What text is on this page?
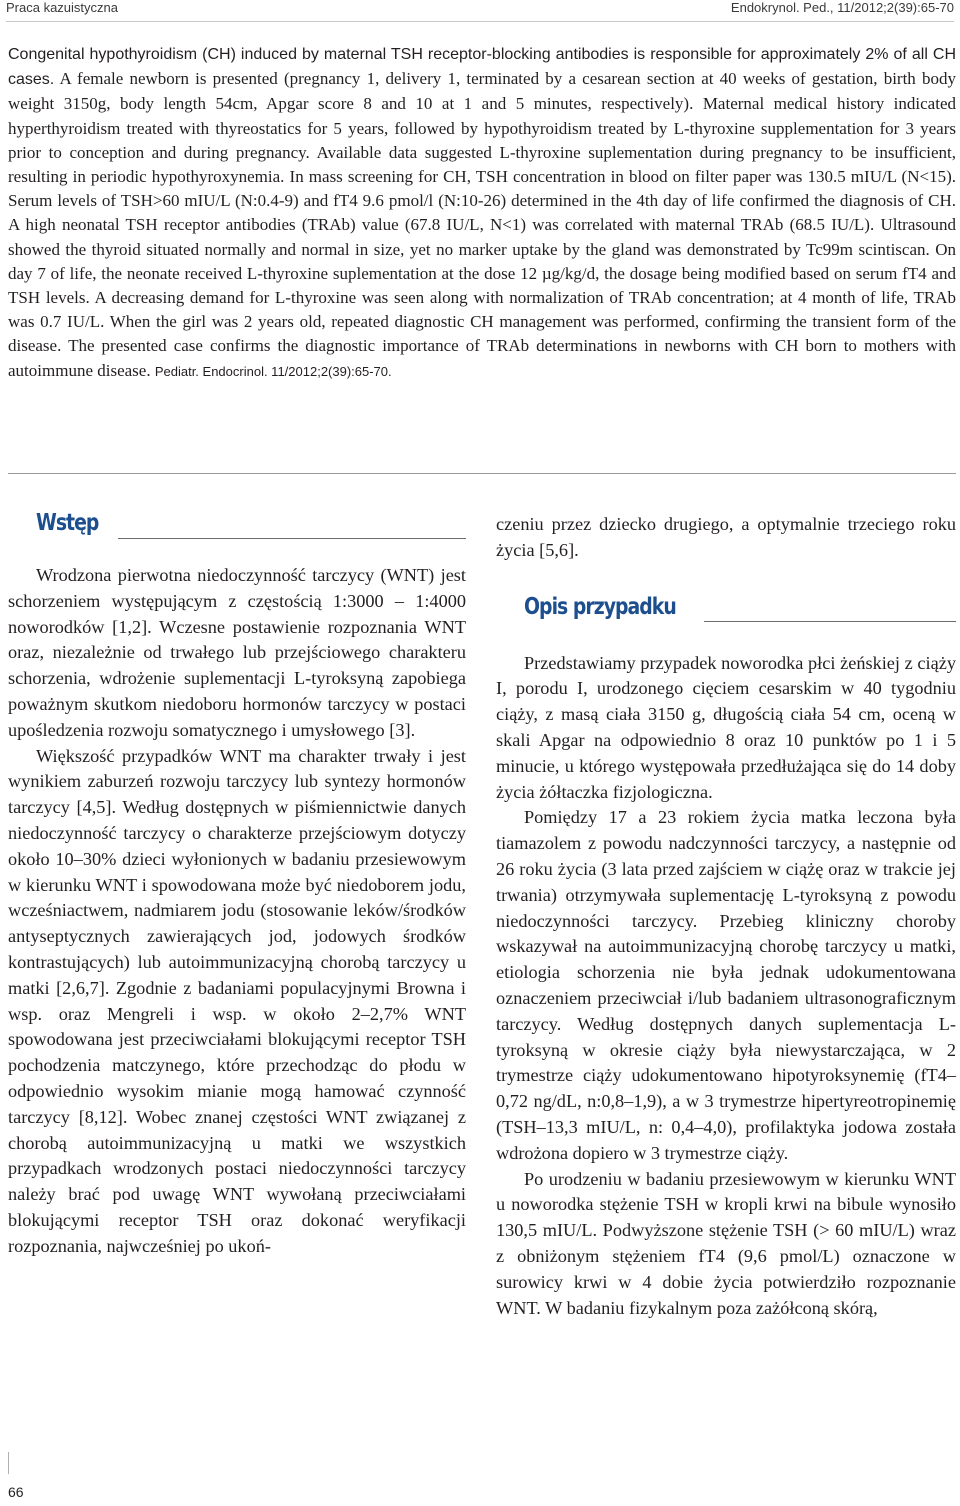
Praca kazuistyczna	Endokrynol. Ped., 11/2012;2(39):65-70

Congenital hypothyroidism (CH) induced by maternal TSH receptor-blocking antibodies is responsible for approximately 2% of all CH cases. A female newborn is presented (pregnancy 1, delivery 1, terminated by a cesarean section at 40 weeks of gestation, birth body weight 3150g, body length 54cm, Apgar score 8 and 10 at 1 and 5 minutes, respectively). Maternal medical history indicated hyperthyroidism treated with thyreostatics for 5 years, followed by hypothyroidism treated by L-thyroxine supplementation for 3 years prior to conception and during pregnancy. Available data suggested L-thyroxine suplementation during pregnancy to be insufficient, resulting in periodic hypothyroxynemia. In mass screening for CH, TSH concentration in blood on filter paper was 130.5 mIU/L (N<15). Serum levels of TSH>60 mIU/L (N:0.4-9) and fT4 9.6 pmol/l (N:10-26) determined in the 4th day of life confirmed the diagnosis of CH. A high neonatal TSH receptor antibodies (TRAb) value (67.8 IU/L, N<1) was correlated with maternal TRAb (68.5 IU/L). Ultrasound showed the thyroid situated normally and normal in size, yet no marker uptake by the gland was demonstrated by Tc99m scintiscan. On day 7 of life, the neonate received L-thyroxine suplementation at the dose 12 µg/kg/d, the dosage being modified based on serum fT4 and TSH levels. A decreasing demand for L-thyroxine was seen along with normalization of TRAb concentration; at 4 month of life, TRAb was 0.7 IU/L. When the girl was 2 years old, repeated diagnostic CH management was performed, confirming the transient form of the disease. The presented case confirms the diagnostic importance of TRAb determinations in newborns with CH born to mothers with autoimmune disease. Pediatr. Endocrinol. 11/2012;2(39):65-70.

Wstęp

Wrodzona pierwotna niedoczynność tarczycy (WNT) jest schorzeniem występującym z częstością 1:3000 – 1:4000 noworodków [1,2]. Wczesne postawienie rozpoznania WNT oraz, niezależnie od trwałego lub przejściowego charakteru schorzenia, wdrożenie suplementacji L-tyroksyną zapobiega poważnym skutkom niedoboru hormonów tarczycy w postaci upośledzenia rozwoju somatycznego i umysłowego [3].

Większość przypadków WNT ma charakter trwały i jest wynikiem zaburzeń rozwoju tarczycy lub syntezy hormonów tarczycy [4,5]. Według dostępnych w piśmiennictwie danych niedoczynność tarczycy o charakterze przejściowym dotyczy około 10–30% dzieci wyłonionych w badaniu przesiewowym w kierunku WNT i spowodowana może być niedoborem jodu, wcześniactwem, nadmiarem jodu (stosowanie leków/środków antyseptycznych zawierających jod, jodowych środków kontrastujących) lub autoimmunizacyjną chorobą tarczycy u matki [2,6,7]. Zgodnie z badaniami populacyjnymi Browna i wsp. oraz Mengreli i wsp. w około 2–2,7% WNT spowodowana jest przeciwciałami blokującymi receptor TSH pochodzenia matczynego, które przechodząc do płodu w odpowiednio wysokim mianie mogą hamować czynność tarczycy [8,12]. Wobec znanej częstości WNT związanej z chorobą autoimmunizacyjną u matki we wszystkich przypadkach wrodzonych postaci niedoczynności tarczycy należy brać pod uwagę WNT wywołaną przeciwciałami blokującymi receptor TSH oraz dokonać weryfikacji rozpoznania, najwcześniej po ukoń-

czeniu przez dziecko drugiego, a optymalnie trzeciego roku życia [5,6].

Przedstawiamy przypadek noworodka płci żeńskiej z ciąży I, porodu I, urodzonego cięciem cesarskim w 40 tygodniu ciąży, z masą ciała 3150 g, długością ciała 54 cm, oceną w skali Apgar na odpowiednio 8 oraz 10 punktów po 1 i 5 minucie, u którego występowała przedłużająca się do 14 doby życia żółtaczka fizjologiczna.

Pomiędzy 17 a 23 rokiem życia matka leczona była tiamazolem z powodu nadczynności tarczycy, a następnie od 26 roku życia (3 lata przed zajściem w ciążę oraz w trakcie jej trwania) otrzymywała suplementację L-tyroksyną z powodu niedoczynności tarczycy. Przebieg kliniczny choroby wskazywał na autoimmunizacyjną chorobę tarczycy u matki, etiologia schorzenia nie była jednak udokumentowana oznaczeniem przeciwciał i/lub badaniem ultrasonograficznym tarczycy. Według dostępnych danych suplementacja L-tyroksyną w okresie ciąży była niewystarczająca, w 2 trymestrze ciąży udokumentowano hipotyroksynemię (fT4–0,72 ng/dL, n:0,8–1,9), a w 3 trymestrze hipertyreotropinemię (TSH–13,3 mIU/L, n: 0,4–4,0), profilaktyka jodowa została wdrożona dopiero w 3 trymestrze ciąży.

Po urodzeniu w badaniu przesiewowym w kierunku WNT u noworodka stężenie TSH w kropli krwi na bibule wynosiło 130,5 mIU/L. Podwyższone stężenie TSH (> 60 mIU/L) wraz z obniżonym stężeniem fT4 (9,6 pmol/L) oznaczone w surowicy krwi w 4 dobie życia potwierdziło rozpoznanie WNT. W badaniu fizykalnym poza zażółconą skórą,

Opis przypadku
66
